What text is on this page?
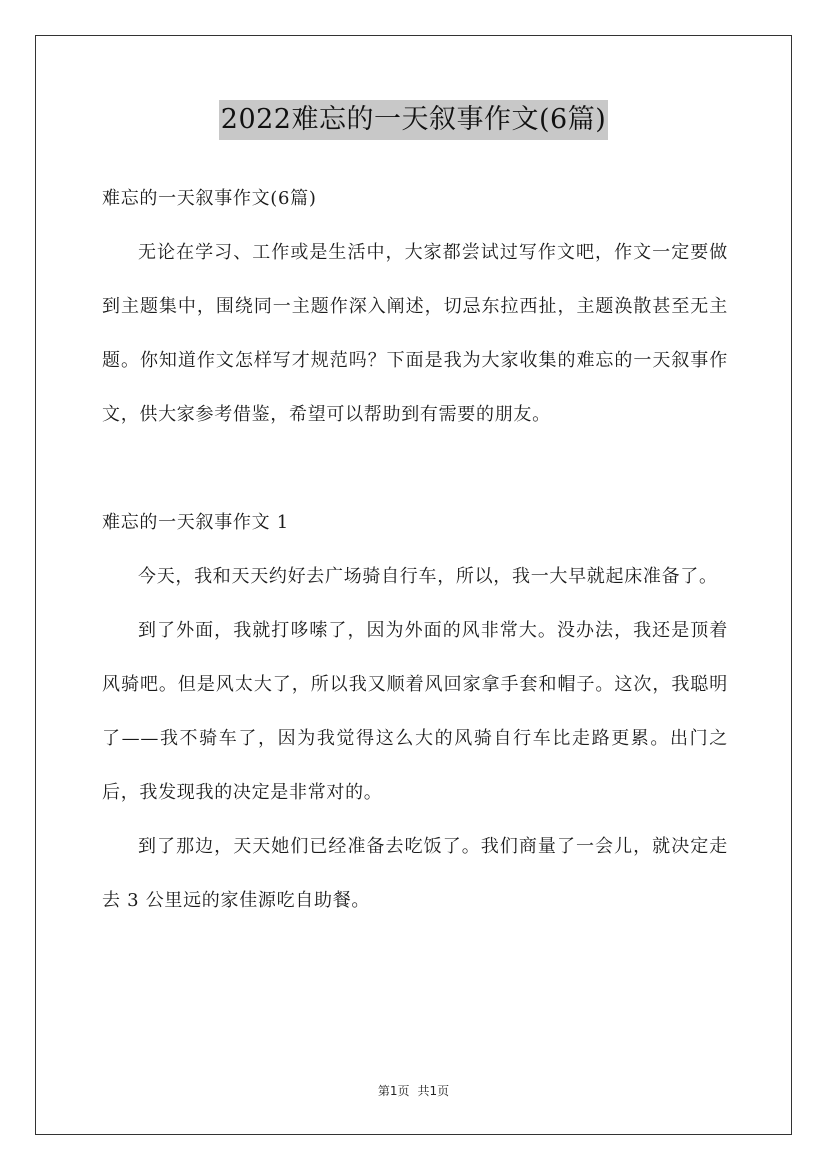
2022难忘的一天叙事作文(6篇)

难忘的一天叙事作文(6篇)

无论在学习、工作或是生活中，大家都尝试过写作文吧，作文一定要做到主题集中，围绕同一主题作深入阐述，切忌东拉西扯，主题涣散甚至无主题。你知道作文怎样写才规范吗？下面是我为大家收集的难忘的一天叙事作文，供大家参考借鉴，希望可以帮助到有需要的朋友。

难忘的一天叙事作文 1

今天，我和天天约好去广场骑自行车，所以，我一大早就起床准备了。

到了外面，我就打哆嗦了，因为外面的风非常大。没办法，我还是顶着风骑吧。但是风太大了，所以我又顺着风回家拿手套和帽子。这次，我聪明了——我不骑车了，因为我觉得这么大的风骑自行车比走路更累。出门之后，我发现我的决定是非常对的。

到了那边，天天她们已经准备去吃饭了。我们商量了一会儿，就决定走去 3 公里远的家佳源吃自助餐。

第1页 共1页
